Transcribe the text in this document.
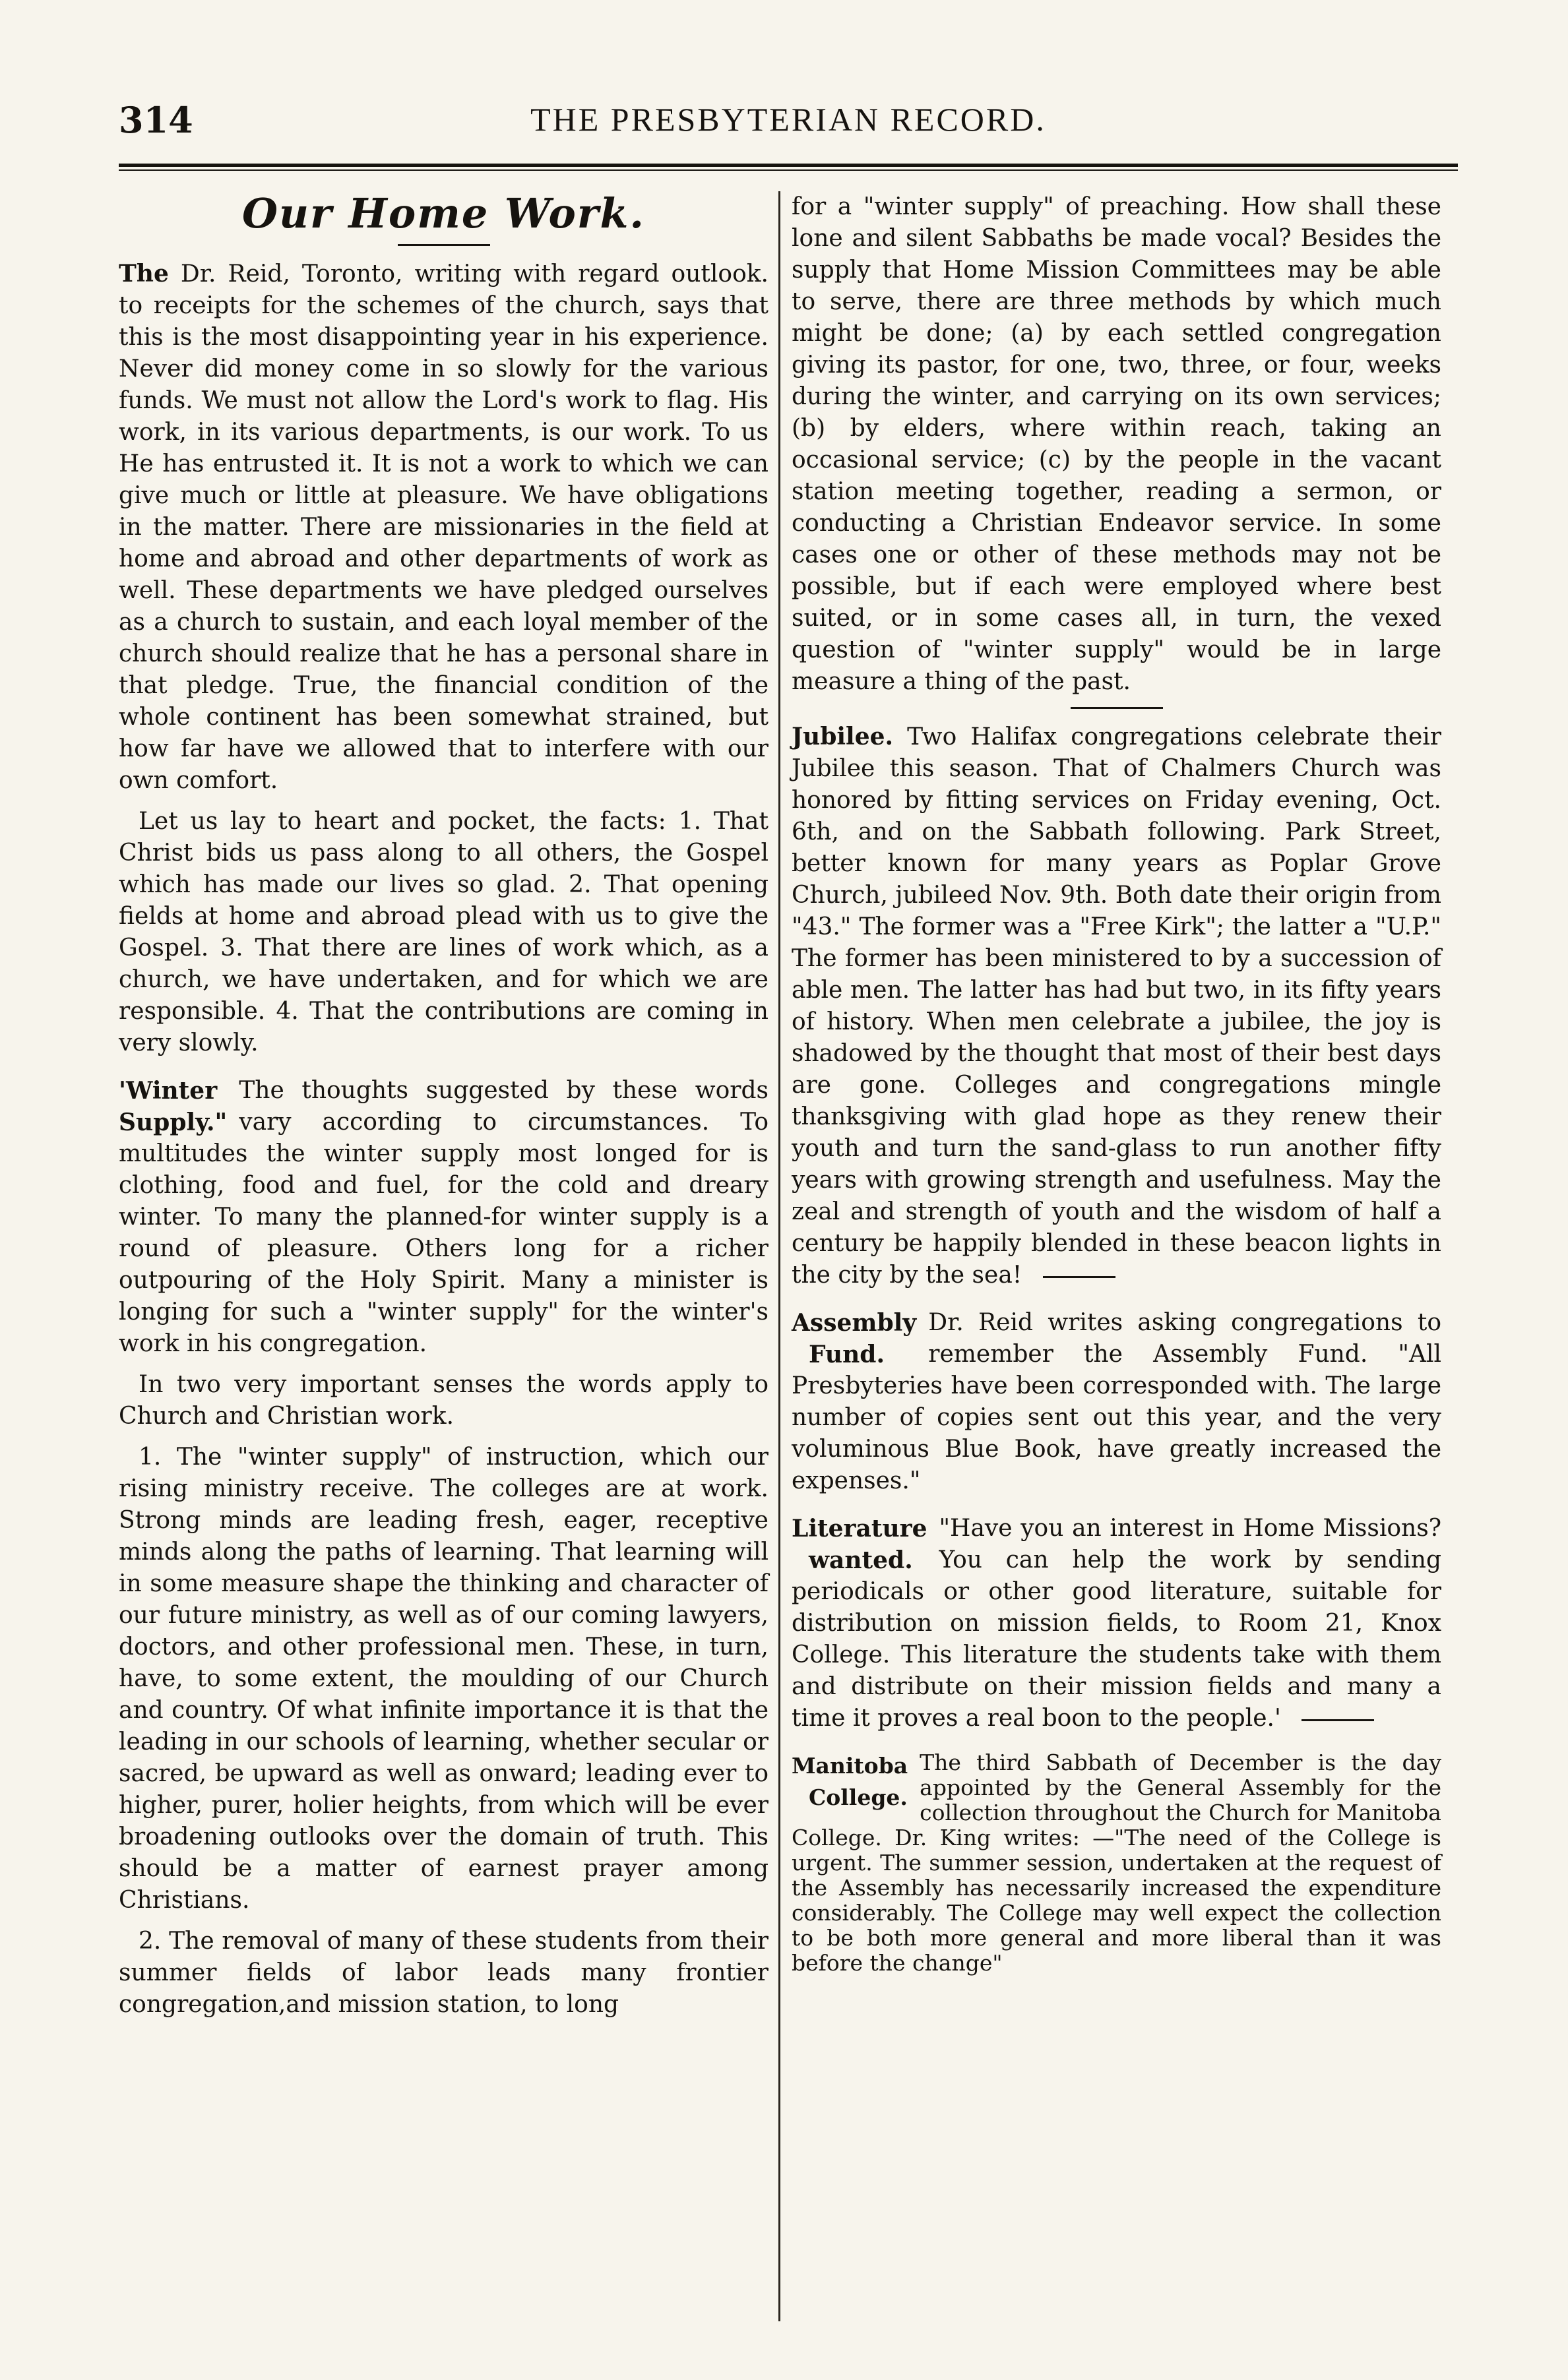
314	THE PRESBYTERIAN RECORD.
Our Home Work.

The Dr. Reid, Toronto, writing with regard outlook. to receipts for the schemes of the church, says that this is the most disappointing year in his experience. Never did money come in so slowly for the various funds. We must not allow the Lord's work to flag. His work, in its various departments, is our work. To us He has entrusted it. It is not a work to which we can give much or little at pleasure. We have obligations in the matter. There are missionaries in the field at home and abroad and other departments of work as well. These departments we have pledged ourselves as a church to sustain, and each loyal member of the church should realize that he has a personal share in that pledge. True, the financial condition of the whole continent has been somewhat strained, but how far have we allowed that to interfere with our own comfort.

Let us lay to heart and pocket, the facts: 1. That Christ bids us pass along to all others, the Gospel which has made our lives so glad. 2. That opening fields at home and abroad plead with us to give the Gospel. 3. That there are lines of work which, as a church, we have undertaken, and for which we are responsible. 4. That the contributions are coming in very slowly.

'Winter
Supply."
The thoughts suggested by these words vary according to circumstances. To multitudes the winter supply most longed for is clothing, food and fuel, for the cold and dreary winter. To many the planned-for winter supply is a round of pleasure. Others long for a richer outpouring of the Holy Spirit. Many a minister is longing for such a "winter supply" for the winter's work in his congregation.

In two very important senses the words apply to Church and Christian work.

1. The "winter supply" of instruction, which our rising ministry receive. The colleges are at work. Strong minds are leading fresh, eager, receptive minds along the paths of learning. That learning will in some measure shape the thinking and character of our future ministry, as well as of our coming lawyers, doctors, and other professional men. These, in turn, have, to some extent, the moulding of our Church and country. Of what infinite importance it is that the leading in our schools of learning, whether secular or sacred, be upward as well as onward; leading ever to higher, purer, holier heights, from which will be ever broadening outlooks over the domain of truth. This should be a matter of earnest prayer among Christians.

2. The removal of many of these students from their summer fields of labor leads many frontier congregation,and mission station, to long

for a "winter supply" of preaching. How shall these lone and silent Sabbaths be made vocal? Besides the supply that Home Mission Committees may be able to serve, there are three methods by which much might be done; (a) by each settled congregation giving its pastor, for one, two, three, or four, weeks during the winter, and carrying on its own services; (b) by elders, where within reach, taking an occasional service; (c) by the people in the vacant station meeting together, reading a sermon, or conducting a Christian Endeavor service. In some cases one or other of these methods may not be possible, but if each were employed where best suited, or in some cases all, in turn, the vexed question of "winter supply" would be in large measure a thing of the past.

Jubilee. Two Halifax congregations celebrate their Jubilee this season. That of Chalmers Church was honored by fitting services on Friday evening, Oct. 6th, and on the Sabbath following. Park Street, better known for many years as Poplar Grove Church, jubileed Nov. 9th. Both date their origin from "43." The former was a "Free Kirk"; the latter a "U.P." The former has been ministered to by a succession of able men. The latter has had but two, in its fifty years of history. When men celebrate a jubilee, the joy is shadowed by the thought that most of their best days are gone. Colleges and congregations mingle thanksgiving with glad hope as they renew their youth and turn the sand-glass to run another fifty years with growing strength and usefulness. May the zeal and strength of youth and the wisdom of half a century be happily blended in these beacon lights in the city by the sea!

Assembly
Fund.
Dr. Reid writes asking congregations to remember the Assembly Fund. "All Presbyteries have been corresponded with. The large number of copies sent out this year, and the very voluminous Blue Book, have greatly increased the expenses."

Literature
wanted.
"Have you an interest in Home Missions? You can help the work by sending periodicals or other good literature, suitable for distribution on mission fields, to Room 21, Knox College. This literature the students take with them and distribute on their mission fields and many a time it proves a real boon to the people.'

Manitoba
College.
The third Sabbath of December is the day appointed by the General Assembly for the collection throughout the Church for Manitoba College. Dr. King writes: —"The need of the College is urgent. The summer session, undertaken at the request of the Assembly has necessarily increased the expenditure considerably. The College may well expect the collection to be both more general and more liberal than it was before the change"
